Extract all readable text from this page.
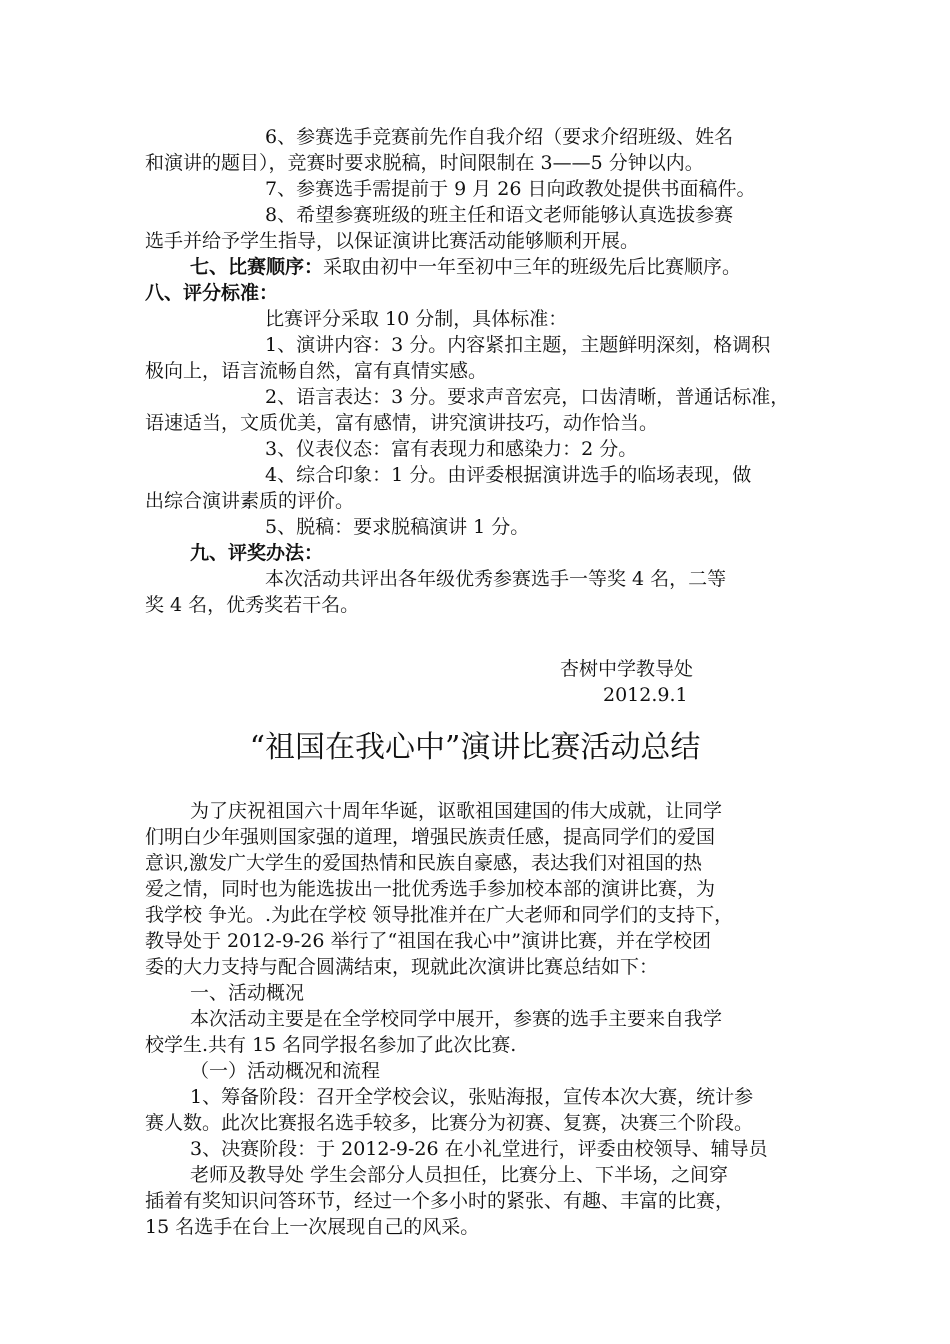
6、参赛选手竞赛前先作自我介绍（要求介绍班级、姓名
和演讲的题目），竞赛时要求脱稿，时间限制在 3——5 分钟以内。
7、参赛选手需提前于 9 月 26 日向政教处提供书面稿件。
8、希望参赛班级的班主任和语文老师能够认真选拔参赛
选手并给予学生指导，以保证演讲比赛活动能够顺利开展。
七、比赛顺序：采取由初中一年至初中三年的班级先后比赛顺序。
八、评分标准：
比赛评分采取 10 分制，具体标准：
1、演讲内容：3 分。内容紧扣主题，主题鲜明深刻，格调积
极向上，语言流畅自然，富有真情实感。
2、语言表达：3 分。要求声音宏亮，口齿清晰，普通话标准，
语速适当，文质优美，富有感情，讲究演讲技巧，动作恰当。
3、仪表仪态：富有表现力和感染力：2 分。
4、综合印象：1 分。由评委根据演讲选手的临场表现，做
出综合演讲素质的评价。
5、脱稿：要求脱稿演讲 1 分。
九、评奖办法：
本次活动共评出各年级优秀参赛选手一等奖 4 名，二等
奖 4 名，优秀奖若干名。
杏树中学教导处
2012.9.1
“祖国在我心中”演讲比赛活动总结
为了庆祝祖国六十周年华诞，讴歌祖国建国的伟大成就，让同学
们明白少年强则国家强的道理，增强民族责任感，提高同学们的爱国
意识,激发广大学生的爱国热情和民族自豪感，表达我们对祖国的热
爱之情，同时也为能选拔出一批优秀选手参加校本部的演讲比赛，为
我学校 争光。.为此在学校 领导批准并在广大老师和同学们的支持下，
教导处于 2012-9-26 举行了“祖国在我心中”演讲比赛，并在学校团
委的大力支持与配合圆满结束，现就此次演讲比赛总结如下：
一、活动概况
本次活动主要是在全学校同学中展开，参赛的选手主要来自我学
校学生.共有 15 名同学报名参加了此次比赛.
（一）活动概况和流程
1、筹备阶段：召开全学校会议，张贴海报，宣传本次大赛，统计参
赛人数。此次比赛报名选手较多，比赛分为初赛、复赛，决赛三个阶段。
3、决赛阶段：于 2012-9-26 在小礼堂进行，评委由校领导、辅导员
老师及教导处 学生会部分人员担任，比赛分上、下半场，之间穿
插着有奖知识问答环节，经过一个多小时的紧张、有趣、丰富的比赛，
15 名选手在台上一次展现自己的风采。
